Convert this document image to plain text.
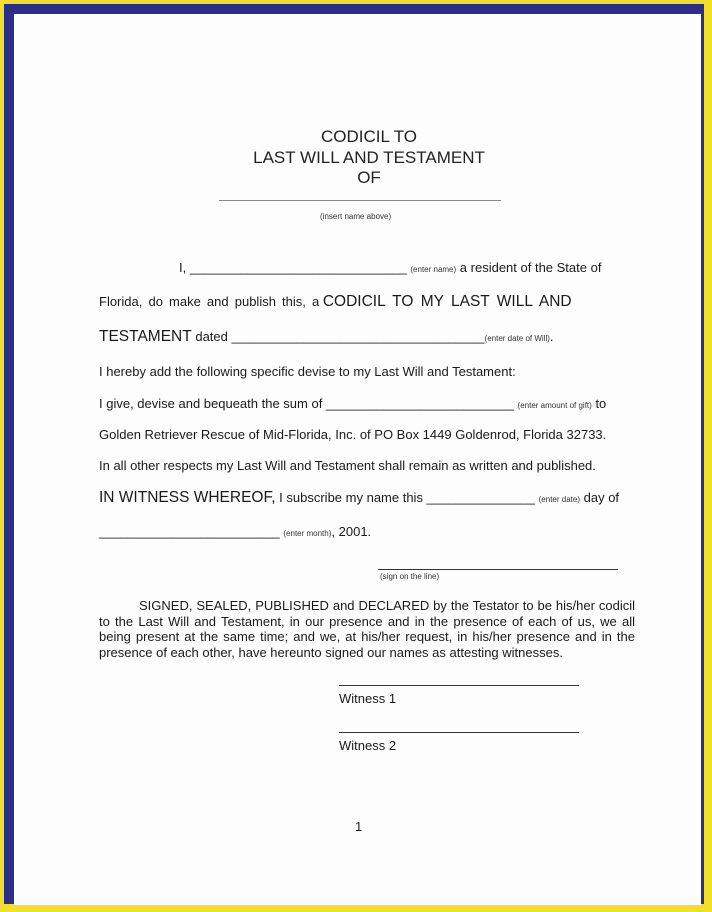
CODICIL TO
LAST WILL AND TESTAMENT
OF
(insert name above)
I, ______________________________ (enter name) a resident of the State of
Florida, do make and publish this, a CODICIL TO MY LAST WILL AND
TESTAMENT dated ___________________________________(enter date of Will).
I hereby add the following specific devise to my Last Will and Testament:
I give, devise and bequeath the sum of __________________________ (enter amount of gift) to
Golden Retriever Rescue of Mid-Florida, Inc. of PO Box 1449 Goldenrod, Florida 32733.
In all other respects my Last Will and Testament shall remain as written and published.
IN WITNESS WHEREOF, I subscribe my name this _______________ (enter date) day of
_________________________ (enter month), 2001.
(sign on the line)
SIGNED, SEALED, PUBLISHED and DECLARED by the Testator to be his/her codicil to the Last Will and Testament, in our presence and in the presence of each of us, we all being present at the same time; and we, at his/her request, in his/her presence and in the presence of each other, have hereunto signed our names as attesting witnesses.
Witness 1
Witness 2
1
